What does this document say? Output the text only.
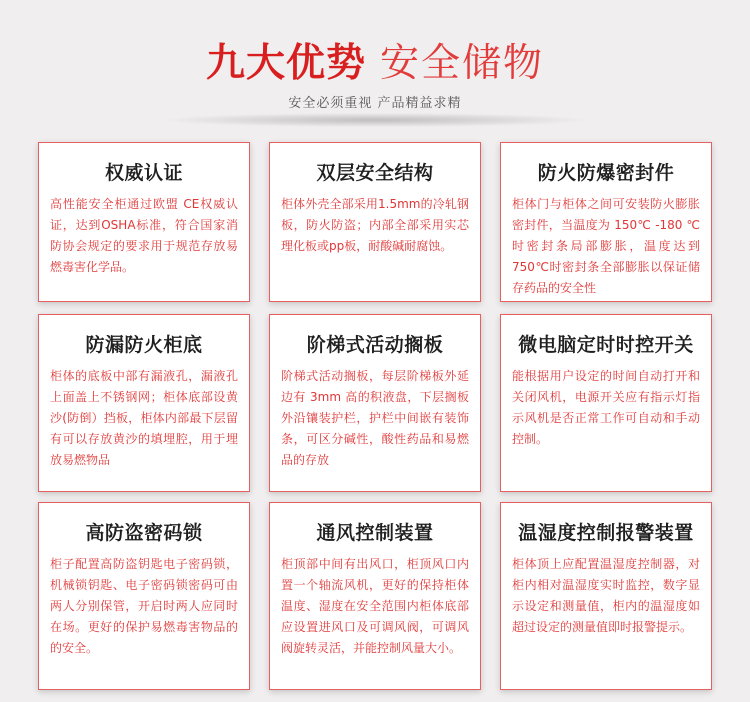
九大优势 安全储物
安全必须重视 产品精益求精
权威认证
高性能安全柜通过欧盟 CE权威认证，达到OSHA标准，符合国家消防协会规定的要求用于规范存放易燃毒害化学品。
双层安全结构
柜体外壳全部采用1.5mm的冷轧钢板，防火防盗；内部全部采用实芯理化板或pp板，耐酸碱耐腐蚀。
防火防爆密封件
柜体门与柜体之间可安装防火膨胀密封件，当温度为 150℃ -180 ℃时密封条局部膨胀，温度达到 750℃时密封条全部膨胀以保证储存药品的安全性
防漏防火柜底
柜体的底板中部有漏液孔，漏液孔上面盖上不锈钢网；柜体底部设黄沙(防倒）挡板，柜体内部最下层留有可以存放黄沙的填埋腔，用于埋放易燃物品
阶梯式活动搁板
阶梯式活动搁板，每层阶梯板外延边有 3mm 高的积液盘，下层搁板外沿镶装护栏，护栏中间嵌有装饰条，可区分碱性，酸性药品和易燃品的存放
微电脑定时时控开关
能根据用户设定的时间自动打开和关闭风机，电源开关应有指示灯指示风机是否正常工作可自动和手动控制。
高防盗密码锁
柜子配置高防盗钥匙电子密码锁，机械锁钥匙、电子密码锁密码可由两人分别保管，开启时两人应同时在场。更好的保护易燃毒害物品的的安全。
通风控制装置
柜顶部中间有出风口，柜顶风口内置一个轴流风机，更好的保持柜体温度、湿度在安全范围内柜体底部应设置进风口及可调风阀，可调风阀旋转灵活，并能控制风量大小。
温湿度控制报警装置
柜体顶上应配置温湿度控制器，对柜内相对温湿度实时监控，数字显示设定和测量值，柜内的温湿度如超过设定的测量值即时报警提示。
